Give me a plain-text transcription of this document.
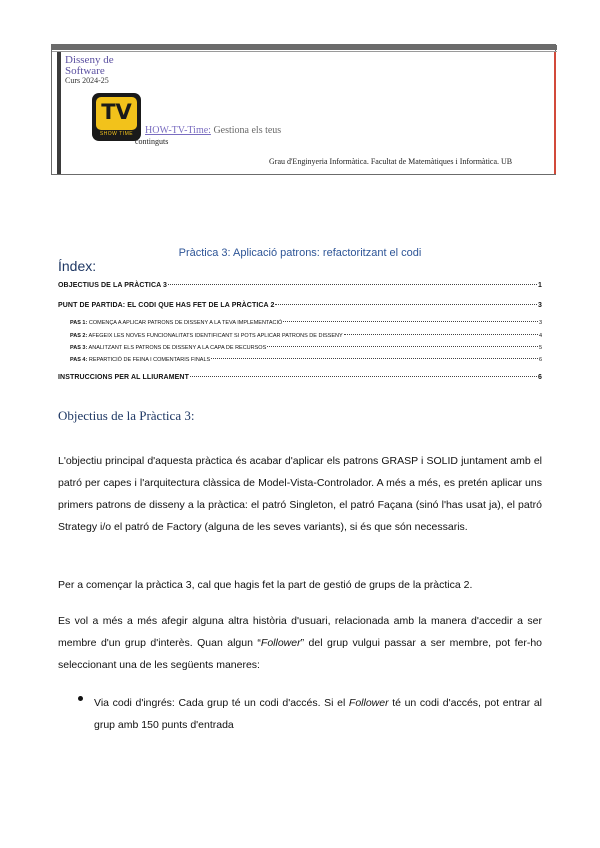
Disseny de
Software
Curs 2024-25
TV
SHOW TIME	HOW-TV-Time: Gestiona els teus
continguts
Grau d'Enginyeria Informàtica. Facultat de Matemàtiques i Informàtica. UB
Pràctica 3: Aplicació patrons: refactoritzant el codi
Índex:
OBJECTIUS DE LA PRÀCTICA 3	1
PUNT DE PARTIDA: EL CODI QUE HAS FET DE LA PRÀCTICA 2	3
PAS 1: COMENÇA A APLICAR PATRONS DE DISSENY A LA TEVA IMPLEMENTACIÓ	3
PAS 2: AFEGEIX LES NOVES FUNCIONALITATS IDENTIFICANT SI POTS APLICAR PATRONS DE DISSENY	4
PAS 3: ANALITZANT ELS PATRONS DE DISSENY A LA CAPA DE RECURSOS	5
PAS 4: REPARTICIÓ DE FEINA I COMENTARIS FINALS	6
INSTRUCCIONS PER AL LLIURAMENT	6
Objectius de la Pràctica 3:
L'objectiu principal d'aquesta pràctica és acabar d'aplicar els patrons GRASP i SOLID juntament amb el patró per capes i l'arquitectura clàssica de Model-Vista-Controlador. A més a més, es pretén aplicar uns primers patrons de disseny a la pràctica: el patró Singleton, el patró Façana (sinó l'has usat ja), el patró Strategy i/o el patró de Factory (alguna de les seves variants), si és que són necessaris.
Per a començar la pràctica 3, cal que hagis fet la part de gestió de grups de la pràctica 2.
Es vol a més a més afegir alguna altra història d'usuari, relacionada amb la manera d'accedir a ser membre d'un grup d'interès. Quan algun “Follower” del grup vulgui passar a ser membre, pot fer-ho seleccionant una de les següents maneres:
Via codi d'ingrés: Cada grup té un codi d'accés. Si el Follower té un codi d'accés, pot entrar al grup amb 150 punts d'entrada
